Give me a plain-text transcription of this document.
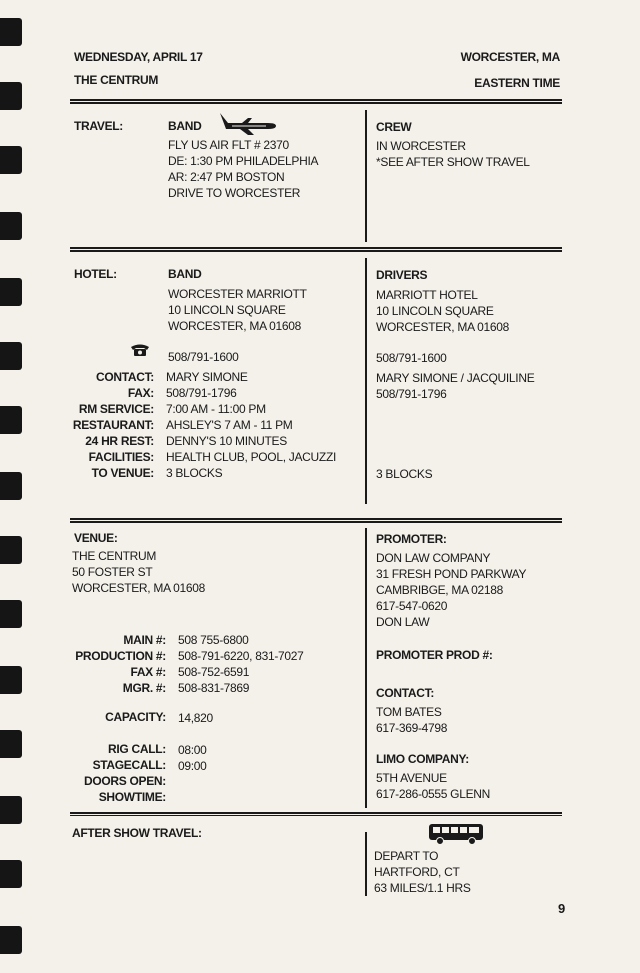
WEDNESDAY, APRIL 17	WORCESTER, MA
THE CENTRUM	EASTERN TIME
TRAVEL:	BAND
FLY US AIR FLT # 2370
DE: 1:30 PM PHILADELPHIA
AR: 2:47 PM BOSTON
DRIVE TO WORCESTER
CREW
IN WORCESTER
*SEE AFTER SHOW TRAVEL
HOTEL:	BAND
WORCESTER MARRIOTT
10 LINCOLN SQUARE
WORCESTER, MA 01608
508/791-1600
CONTACT: MARY SIMONE
FAX: 508/791-1796
RM SERVICE: 7:00 AM - 11:00 PM
RESTAURANT: AHSLEY'S 7 AM - 11 PM
24 HR REST: DENNY'S 10 MINUTES
FACILITIES: HEALTH CLUB, POOL, JACUZZI
TO VENUE: 3 BLOCKS
DRIVERS
MARRIOTT HOTEL
10 LINCOLN SQUARE
WORCESTER, MA 01608
508/791-1600
MARY SIMONE / JACQUILINE
508/791-1796
3 BLOCKS
VENUE:
THE CENTRUM
50 FOSTER ST
WORCESTER, MA 01608
MAIN #: 508 755-6800
PRODUCTION #: 508-791-6220, 831-7027
FAX #: 508-752-6591
MGR. #: 508-831-7869
CAPACITY: 14,820
RIG CALL: 08:00
STAGECALL: 09:00
DOORS OPEN:
SHOWTIME:
PROMOTER:
DON LAW COMPANY
31 FRESH POND PARKWAY
CAMBRIBGE, MA 02188
617-547-0620
DON LAW
PROMOTER PROD #:
CONTACT:
TOM BATES
617-369-4798
LIMO COMPANY:
5TH AVENUE
617-286-0555 GLENN
AFTER SHOW TRAVEL:
DEPART TO
HARTFORD, CT
63 MILES/1.1 HRS
9
